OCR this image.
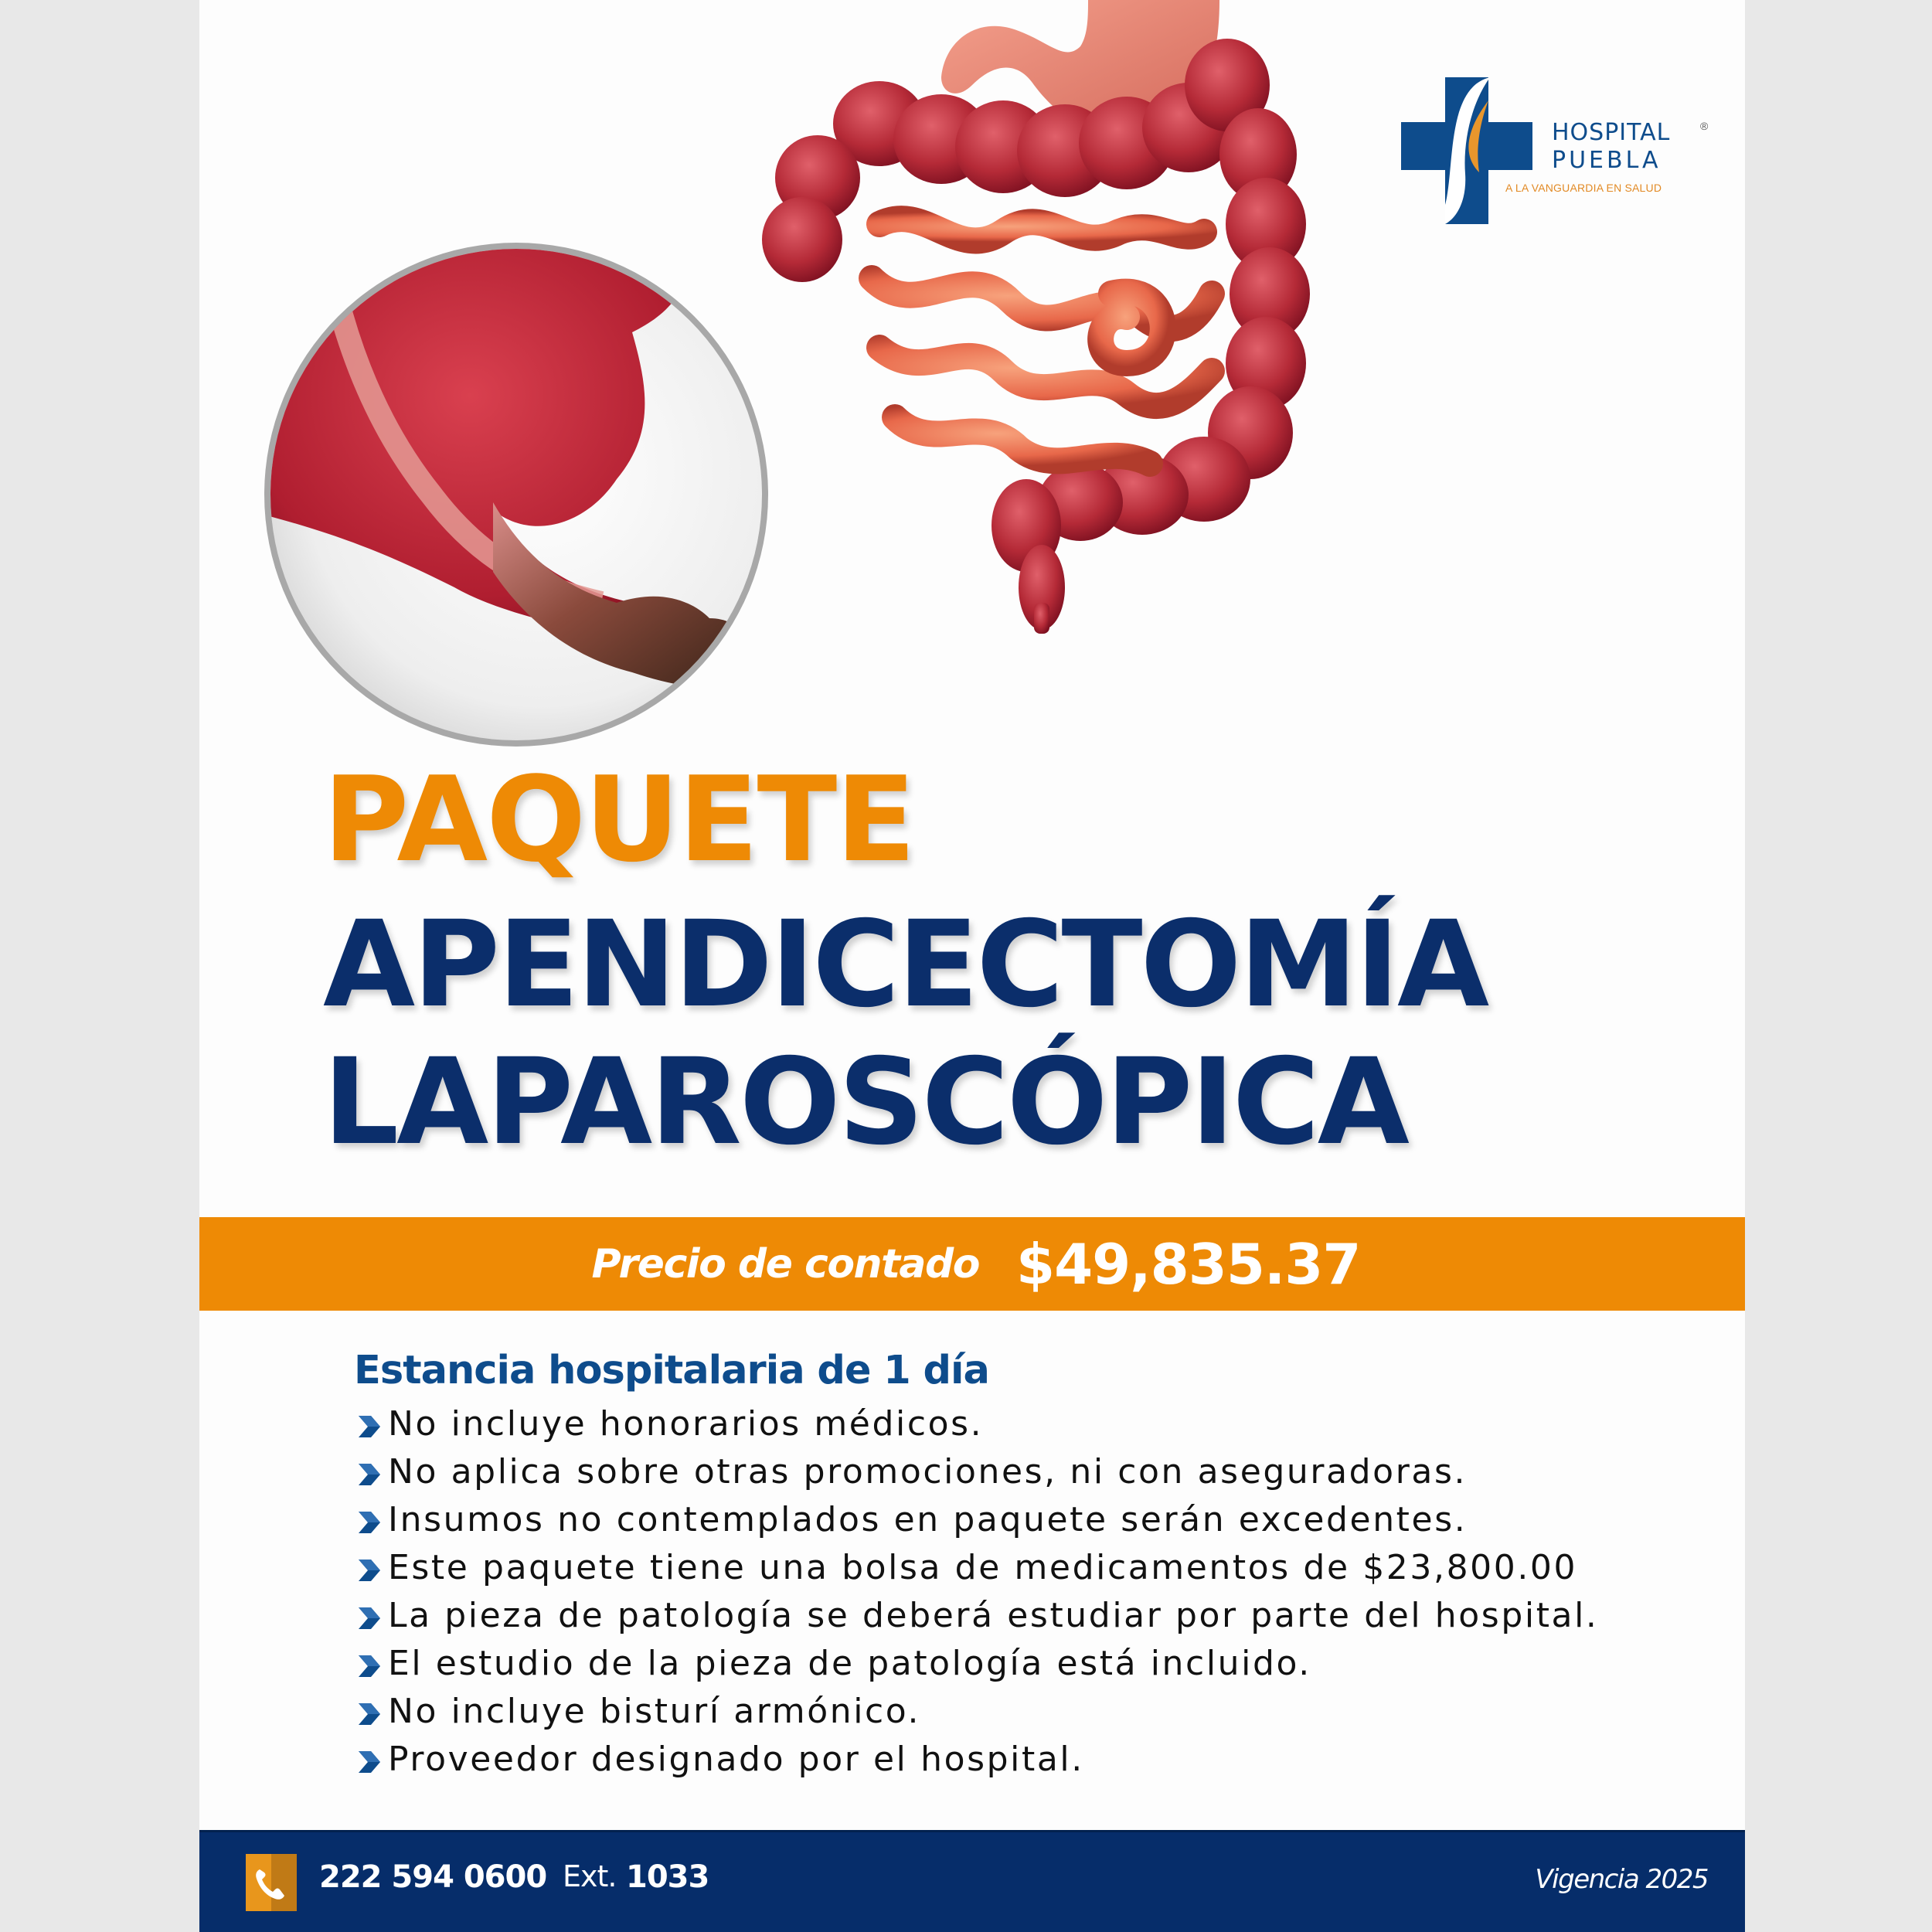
HOSPITAL
PUEBLA
®
A LA VANGUARDIA EN SALUD
PAQUETE
APENDICECTOMÍA
LAPAROSCÓPICA
Precio de contado $49,835.37
Estancia hospitalaria de 1 día
No incluye honorarios médicos.
No aplica sobre otras promociones, ni con aseguradoras.
Insumos no contemplados en paquete serán excedentes.
Este paquete tiene una bolsa de medicamentos de $23,800.00
La pieza de patología se deberá estudiar por parte del hospital.
El estudio de la pieza de patología está incluido.
No incluye bisturí armónico.
Proveedor designado por el hospital.
222 594 0600 Ext. 1033	Vigencia 2025
